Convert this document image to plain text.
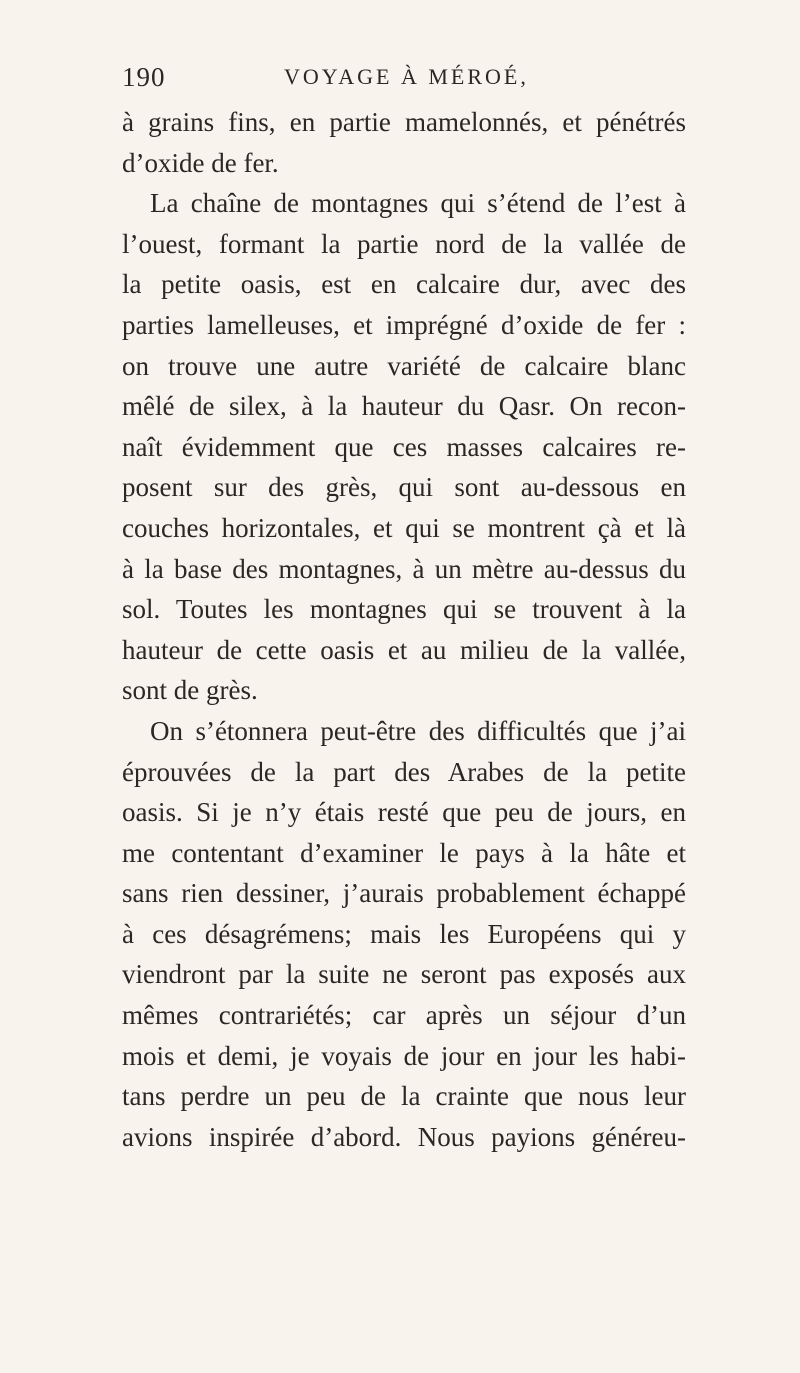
190	VOYAGE À MÉROÉ,
à grains fins, en partie mamelonnés, et pénétrés
d’oxide de fer.
La chaîne de montagnes qui s’étend de l’est à
l’ouest, formant la partie nord de la vallée de
la petite oasis, est en calcaire dur, avec des
parties lamelleuses, et imprégné d’oxide de fer :
on trouve une autre variété de calcaire blanc
mêlé de silex, à la hauteur du Qasr. On recon-
naît évidemment que ces masses calcaires re-
posent sur des grès, qui sont au-dessous en
couches horizontales, et qui se montrent çà et là
à la base des montagnes, à un mètre au-dessus du
sol. Toutes les montagnes qui se trouvent à la
hauteur de cette oasis et au milieu de la vallée,
sont de grès.
On s’étonnera peut-être des difficultés que j’ai
éprouvées de la part des Arabes de la petite
oasis. Si je n’y étais resté que peu de jours, en
me contentant d’examiner le pays à la hâte et
sans rien dessiner, j’aurais probablement échappé
à ces désagrémens; mais les Européens qui y
viendront par la suite ne seront pas exposés aux
mêmes contrariétés; car après un séjour d’un
mois et demi, je voyais de jour en jour les habi-
tans perdre un peu de la crainte que nous leur
avions inspirée d’abord. Nous payions généreu-
